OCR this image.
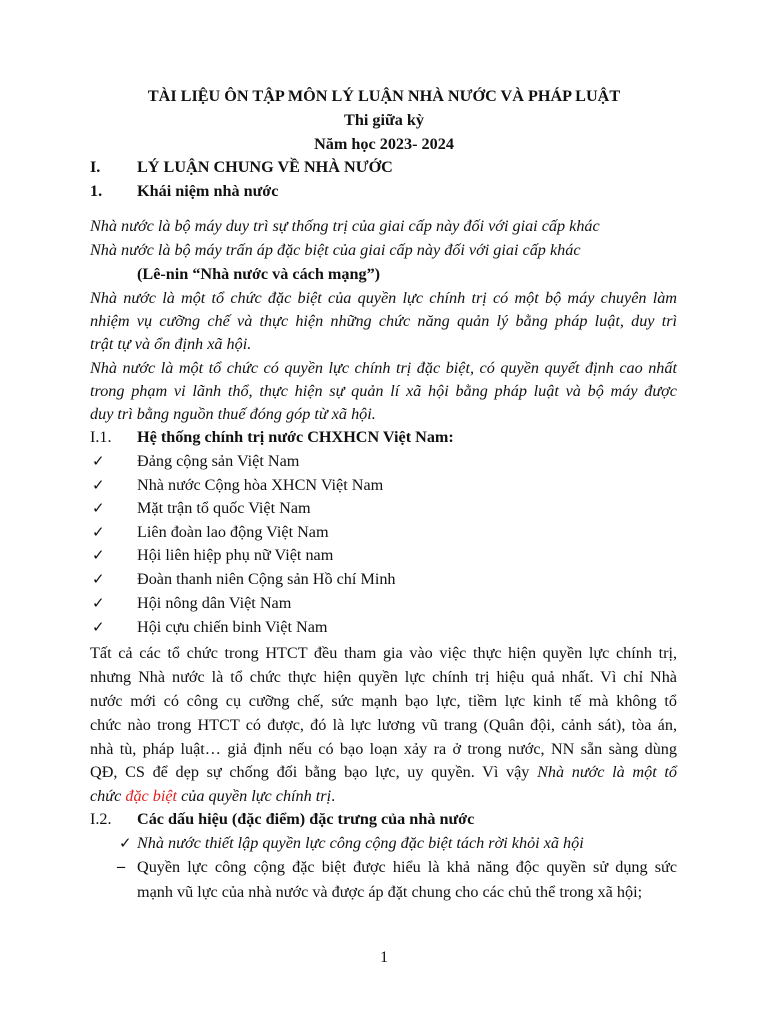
TÀI LIỆU ÔN TẬP MÔN LÝ LUẬN NHÀ NƯỚC VÀ PHÁP LUẬT
Thi giữa kỳ
Năm học 2023- 2024
I. LÝ LUẬN CHUNG VỀ NHÀ NƯỚC
1. Khái niệm nhà nước
Nhà nước là bộ máy duy trì sự thống trị của giai cấp này đối với giai cấp khác
Nhà nước là bộ máy trấn áp đặc biệt của giai cấp này đối với giai cấp khác
(Lê-nin “Nhà nước và cách mạng”)
Nhà nước là một tổ chức đặc biệt của quyền lực chính trị có một bộ máy chuyên làm
nhiệm vụ cưỡng chế và thực hiện những chức năng quản lý bằng pháp luật, duy trì
trật tự và ổn định xã hội.
Nhà nước là một tổ chức có quyền lực chính trị đặc biệt, có quyền quyết định cao nhất
trong phạm vi lãnh thổ, thực hiện sự quản lí xã hội bằng pháp luật và bộ máy được
duy trì bằng nguồn thuế đóng góp từ xã hội.
I.1. Hệ thống chính trị nước CHXHCN Việt Nam:
✓ Đảng cộng sản Việt Nam
✓ Nhà nước Cộng hòa XHCN Việt Nam
✓ Mặt trận tổ quốc Việt Nam
✓ Liên đoàn lao động Việt Nam
✓ Hội liên hiệp phụ nữ Việt nam
✓ Đoàn thanh niên Cộng sản Hồ chí Minh
✓ Hội nông dân Việt Nam
✓ Hội cựu chiến binh Việt Nam
Tất cả các tổ chức trong HTCT đều tham gia vào việc thực hiện quyền lực chính trị,
nhưng Nhà nước là tổ chức thực hiện quyền lực chính trị hiệu quả nhất. Vì chỉ Nhà
nước mới có công cụ cưỡng chế, sức mạnh bạo lực, tiềm lực kinh tế mà không tổ
chức nào trong HTCT có được, đó là lực lương vũ trang (Quân đội, cảnh sát), tòa án,
nhà tù, pháp luật… giả định nếu có bạo loạn xảy ra ở trong nước, NN sẵn sàng dùng
QĐ, CS để dẹp sự chống đối bằng bạo lực, uy quyền. Vì vậy Nhà nước là một tổ
chức đặc biệt của quyền lực chính trị.
I.2. Các dấu hiệu (đặc điểm) đặc trưng của nhà nước
✓ Nhà nước thiết lập quyền lực công cộng đặc biệt tách rời khỏi xã hội
– Quyền lực công cộng đặc biệt được hiểu là khả năng độc quyền sử dụng sức
mạnh vũ lực của nhà nước và được áp đặt chung cho các chủ thể trong xã hội;
1
